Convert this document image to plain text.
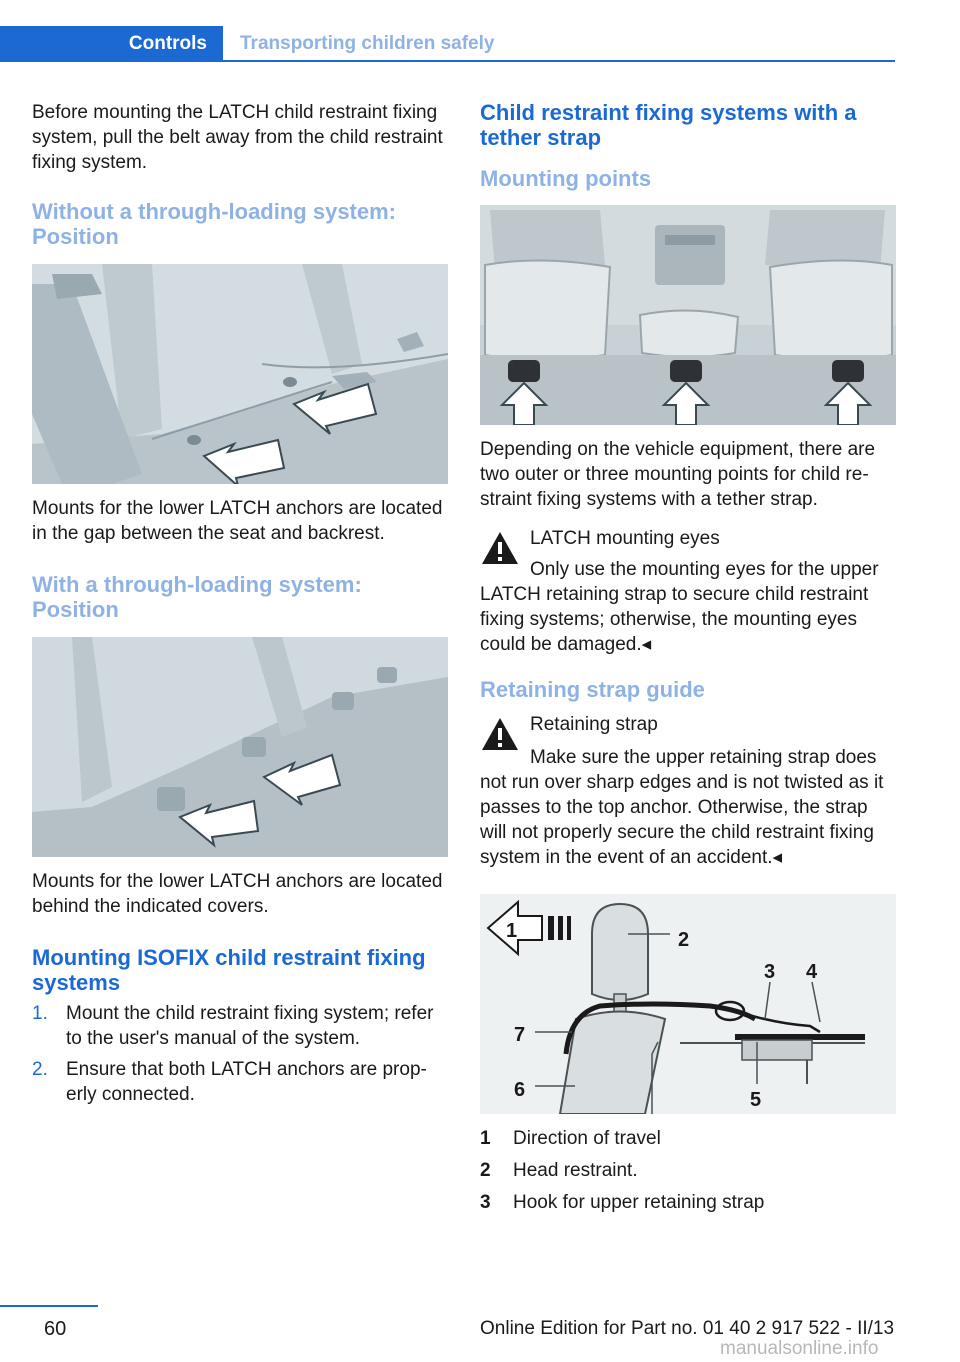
Controls Transporting children safely

Before mounting the LATCH child restraint fixing system, pull the belt away from the child restraint fixing system.

Without a through-loading system: Position

Mounts for the lower LATCH anchors are located in the gap between the seat and backrest.

With a through-loading system: Position

Mounts for the lower LATCH anchors are located behind the indicated covers.

Mounting ISOFIX child restraint fixing systems
1. Mount the child restraint fixing system; refer to the user's manual of the system.
2. Ensure that both LATCH anchors are properly connected.
Child restraint fixing systems with a tether strap
Mounting points

Depending on the vehicle equipment, there are two outer or three mounting points for child restraint fixing systems with a tether strap.

LATCH mounting eyes

Only use the mounting eyes for the upper LATCH retaining strap to secure child restraint fixing systems; otherwise, the mounting eyes could be damaged.◂

Retaining strap guide

Retaining strap

Make sure the upper retaining strap does not run over sharp edges and is not twisted as it passes to the top anchor. Otherwise, the strap will not properly secure the child restraint fixing system in the event of an accident.◂

1	2
3 4
5
6
7
1	Direction of travel
2	Head restraint.
3	Hook for upper retaining strap
60	Online Edition for Part no. 01 40 2 917 522 - II/13
manualsonline.info
